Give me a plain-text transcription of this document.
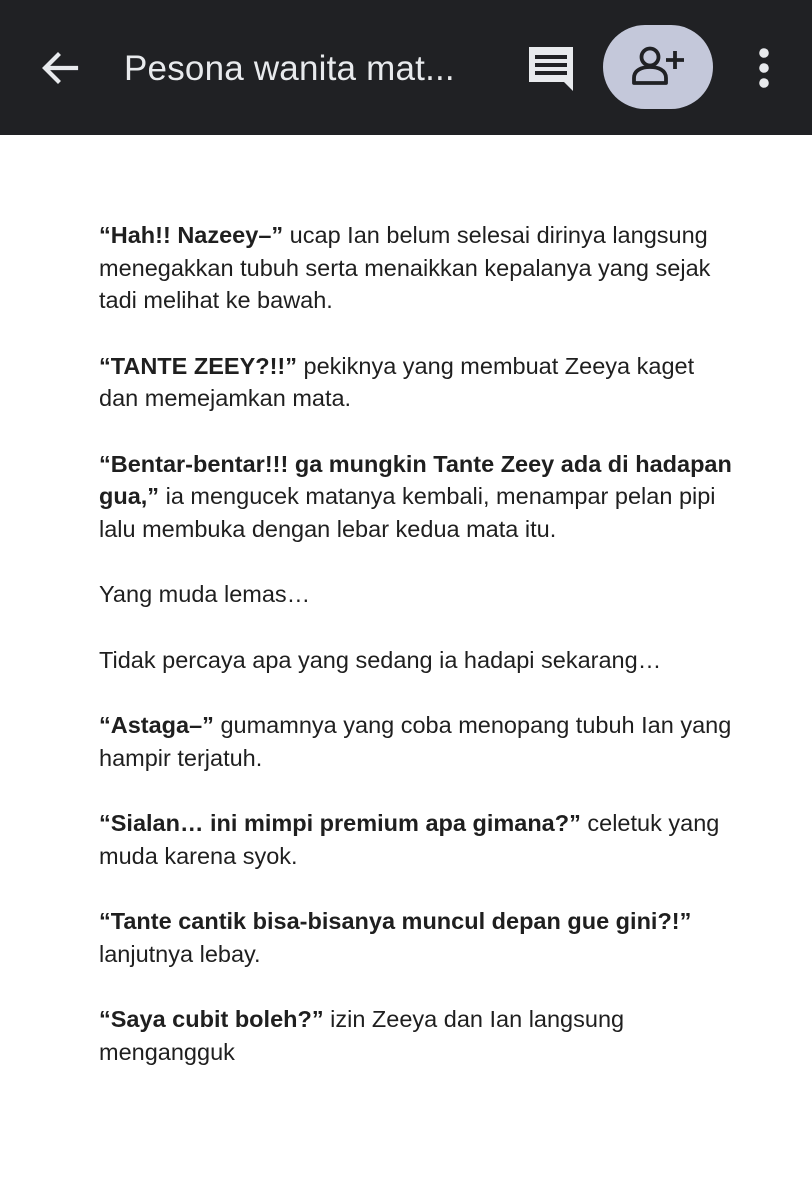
Pesona wanita mat...

“Hah!! Nazeey–” ucap Ian belum selesai dirinya langsung menegakkan tubuh serta menaikkan kepalanya yang sejak tadi melihat ke bawah.

“TANTE ZEEY?!!” pekiknya yang membuat Zeeya kaget dan memejamkan mata.

“Bentar-bentar!!! ga mungkin Tante Zeey ada di hadapan gua,” ia mengucek matanya kembali, menampar pelan pipi lalu membuka dengan lebar kedua mata itu.

Yang muda lemas…

Tidak percaya apa yang sedang ia hadapi sekarang…

“Astaga–” gumamnya yang coba menopang tubuh Ian yang hampir terjatuh.

“Sialan… ini mimpi premium apa gimana?” celetuk yang muda karena syok.

“Tante cantik bisa-bisanya muncul depan gue gini?!” lanjutnya lebay.

“Saya cubit boleh?” izin Zeeya dan Ian langsung mengangguk
